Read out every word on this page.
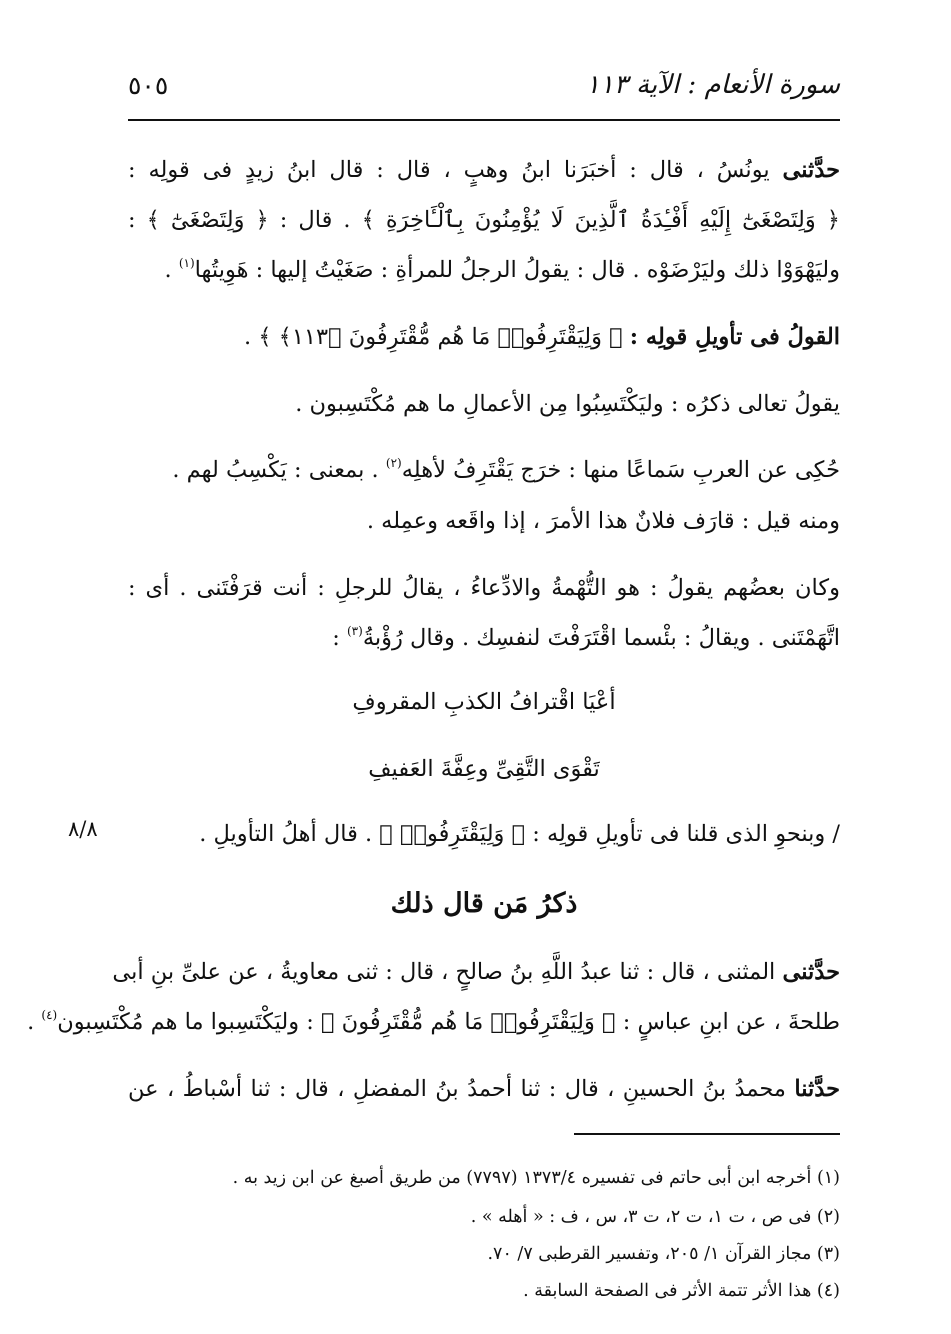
سورة الأنعام : الآية ١١٣
٥٠٥
حدَّثنى يونُسُ ، قال : أخبَرَنا ابنُ وهبٍ ، قال : قال ابنُ زيدٍ فى قولِه :
﴿ وَلِتَصْغَىٰٓ إِلَيْهِ أَفْـِٔدَةُ ٱلَّذِينَ لَا يُؤْمِنُونَ بِٱلْـَٔاخِرَةِ ﴾ . قال : ﴿ وَلِتَصْغَىٰٓ ﴾ :
وليَهْوَوْا ذلك وليَرْضَوْه . قال : يقولُ الرجلُ للمرأةِ : صَغَيْتُ إليها : هَوِيتُها$^{(١)}$ .
القولُ فى تأويلِ قولِه : ﴿ وَلِيَقْتَرِفُوا۟ مَا هُم مُّقْتَرِفُونَ ﴿١١٣﴾ ﴾ .
يقولُ تعالى ذكرُه : وليَكْتَسِبُوا مِن الأعمالِ ما هم مُكْتَسِبون .
حُكِى عن العربِ سَماعًا منها : خرَج يَقْتَرِفُ لأهلِه$^{(٢)}$ . بمعنى : يَكْسِبُ لهم .
ومنه قيل : قارَف فلانٌ هذا الأمرَ ، إذا واقَعه وعمِله .
وكان بعضُهم يقولُ : هو التُّهْمةُ والادِّعاءُ ، يقالُ للرجلِ : أنت قرَفْتَنى . أى :
اتَّهَمْتَنى . ويقالُ : بئْسما اقْتَرَفْتَ لنفسِك . وقال رُؤْبةُ$^{(٣)}$ :
أعْيَا اقْترافُ الكذبِ المقروفِ
تَقْوَى التَّقِىِّ وعِفَّةَ العَفيفِ
/ وبنحوِ الذى قلنا فى تأويلِ قولِه : ﴿ وَلِيَقْتَرِفُوا۟ ﴾ . قال أهلُ التأويلِ .
٨/٨
ذكرُ مَن قال ذلك
حدَّثنى المثنى ، قال : ثنا عبدُ اللَّهِ بنُ صالحٍ ، قال : ثنى معاويةُ ، عن علىِّ بنِ أبى
طلحةَ ، عن ابنِ عباسٍ : ﴿ وَلِيَقْتَرِفُوا۟ مَا هُم مُّقْتَرِفُونَ ﴾ : وليَكْتَسِبوا ما هم مُكْتَسِبون$^{(٤)}$ .
حدَّثنا محمدُ بنُ الحسينِ ، قال : ثنا أحمدُ بنُ المفضلِ ، قال : ثنا أسْباطُ ، عن
(١) أخرجه ابن أبى حاتم فى تفسيره ١٣٧٣/٤ (٧٧٩٧) من طريق أصبغ عن ابن زيد به .
(٢) فى ص ، ت ١، ت ٢، ت ٣، س ، ف : « أهله » .
(٣) مجاز القرآن ١/ ٢٠٥، وتفسير القرطبى ٧/ ٧٠.
(٤) هذا الأثر تتمة الأثر فى الصفحة السابقة .
